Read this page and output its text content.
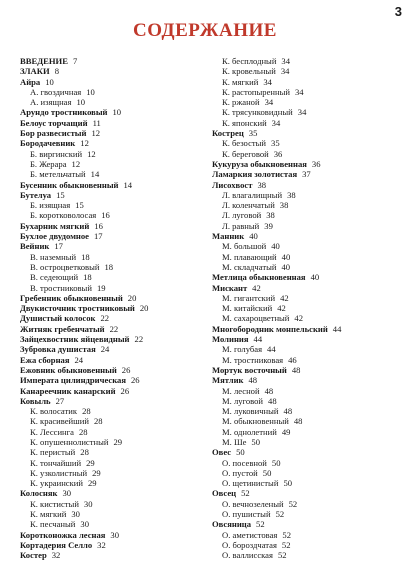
3
СОДЕРЖАНИЕ
ВВЕДЕНИЕ 7
ЗЛАКИ 8
Айра 10
А. гвоздичная 10
А. изящная 10
Арундо тростниковый 10
Белоус торчащий 11
Бор развесистый 12
Бородачевник 12
Б. виргинский 12
Б. Жерара 12
Б. метельчатый 14
Бусенник обыкновенный 14
Бутелуа 15
Б. изящная 15
Б. коротковолосая 16
Бухарник мягкий 16
Бухлое двудомное 17
Вейник 17
В. наземный 18
В. остроцветковый 18
В. седеющий 18
В. тростниковый 19
Гребенник обыкновенный 20
Двукисточник тростниковый 20
Душистый колосок 22
Житняк гребенчатый 22
Зайцехвостник яйцевидный 22
Зубровка душистая 24
Ежа сборная 24
Ежовник обыкновенный 26
Императа цилиндрическая 26
Канареечник канарский 26
Ковыль 27
К. волосатик 28
К. красивейший 28
К. Лессинга 28
К. опушеннолистный 29
К. перистый 28
К. тончайший 29
К. узколистный 29
К. украинский 29
Колосняк 30
К. кистистый 30
К. мягкий 30
К. песчаный 30
Коротконожка лесная 30
Кортадерия Селло 32
Костер 32
К. бесплодный 34
К. кровельный 34
К. мягкий 34
К. растопыренный 34
К. ржаной 34
К. трясунковидный 34
К. японский 34
Кострец 35
К. безостый 35
К. береговой 36
Кукуруза обыкновенная 36
Ламаркия золотистая 37
Лисохвост 38
Л. влагалищный 38
Л. коленчатый 38
Л. луговой 38
Л. равный 39
Манник 40
М. большой 40
М. плавающий 40
М. складчатый 40
Метлица обыкновенная 40
Мискант 42
М. гигантский 42
М. китайский 42
М. сахароцветный 42
Многобородник монпельский 44
Молиния 44
М. голубая 44
М. тростниковая 46
Мортук восточный 48
Мятлик 48
М. лесной 48
М. луговой 48
М. луковичный 48
М. обыкновенный 48
М. однолетний 49
М. Ше 50
Овес 50
О. посевной 50
О. пустой 50
О. щетинистый 50
Овсец 52
О. вечнозеленый 52
О. пушистый 52
Овсяница 52
О. аметистовая 52
О. бороздчатая 52
О. валлисская 52
